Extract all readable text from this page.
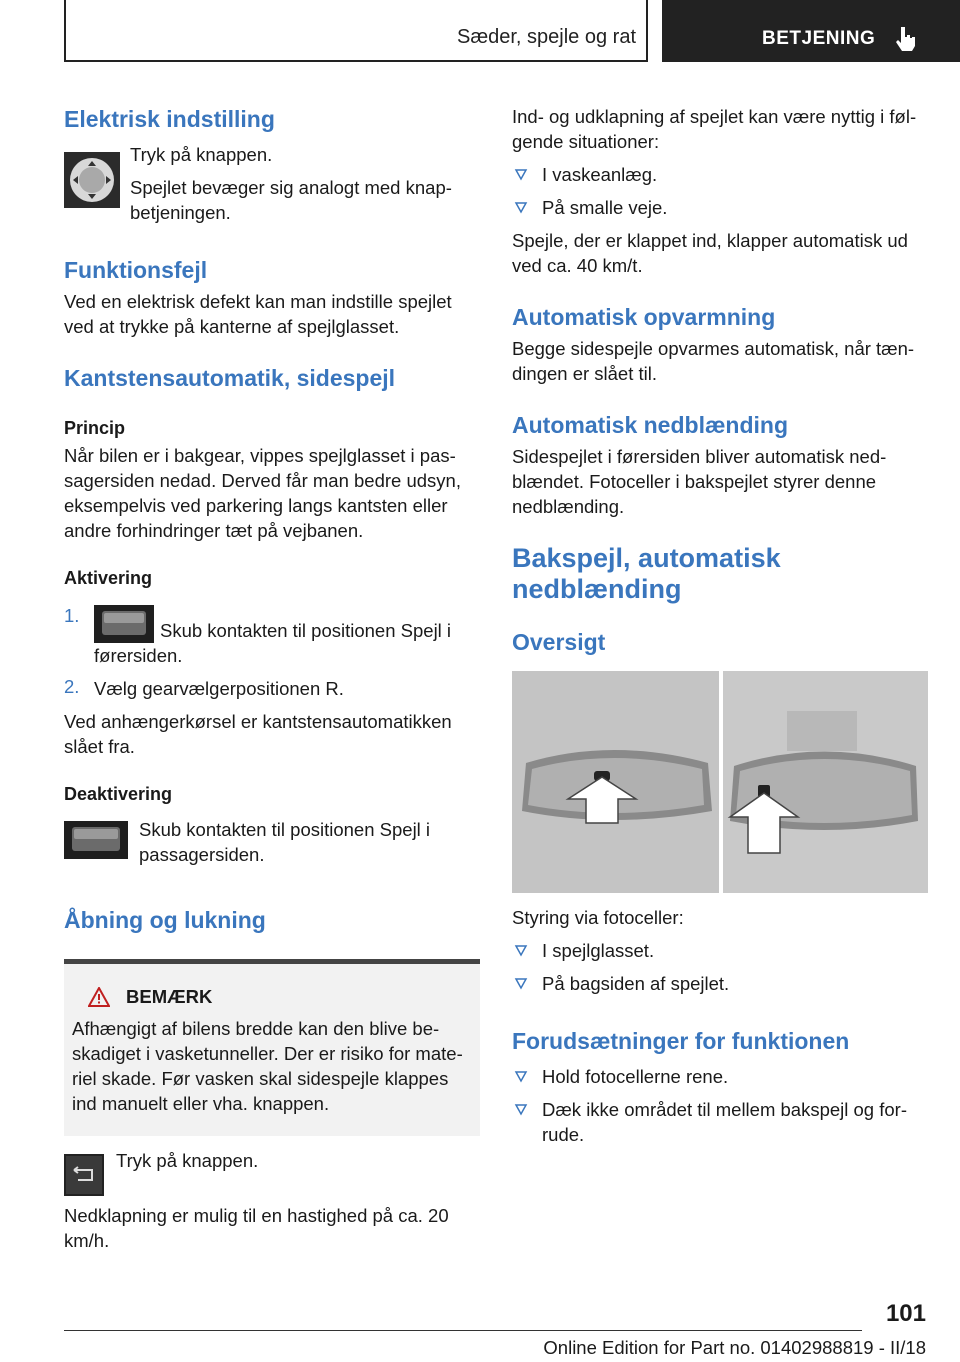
Sæder, spejle og rat	BETJENING
Elektrisk indstilling

Tryk på knappen.

Spejlet bevæger sig analogt med knapbetjeningen.

Funktionsfejl

Ved en elektrisk defekt kan man indstille spejlet ved at trykke på kanterne af spejlglasset.

Kantstensautomatik, sidespejl
Princip

Når bilen er i bakgear, vippes spejlglasset i passagersiden nedad. Derved får man bedre udsyn, eksempelvis ved parkering langs kantsten eller andre forhindringer tæt på vejbanen.

Aktivering
1.

Skub kontakten til positionen Spejl i førersiden.

2. Vælg gearvælgerpositionen R.

Ved anhængerkørsel er kantstensautomatikken slået fra.

Deaktivering

Skub kontakten til positionen Spejl i passagersiden.

Åbning og lukning
BEMÆRK

Afhængigt af bilens bredde kan den blive beskadiget i vasketunneller. Der er risiko for materiel skade. Før vasken skal sidespejle klappes ind manuelt eller vha. knappen.

Tryk på knappen.

Nedklapning er mulig til en hastighed på ca. 20 km/h.

Ind- og udklapning af spejlet kan være nyttig i følgende situationer:

I vaskeanlæg.

På smalle veje.

Spejle, der er klappet ind, klapper automatisk ud ved ca. 40 km/t.

Automatisk opvarmning

Begge sidespejle opvarmes automatisk, når tændingen er slået til.

Automatisk nedblænding

Sidespejlet i førersiden bliver automatisk nedblændet. Fotoceller i bakspejlet styrer denne nedblænding.

Bakspejl, automatisk
nedblænding
Oversigt

Styring via fotoceller:

I spejlglasset.

På bagsiden af spejlet.

Forudsætninger for funktionen

Hold fotocellerne rene.

Dæk ikke området til mellem bakspejl og forrude.

101
Online Edition for Part no. 01402988819 - II/18
